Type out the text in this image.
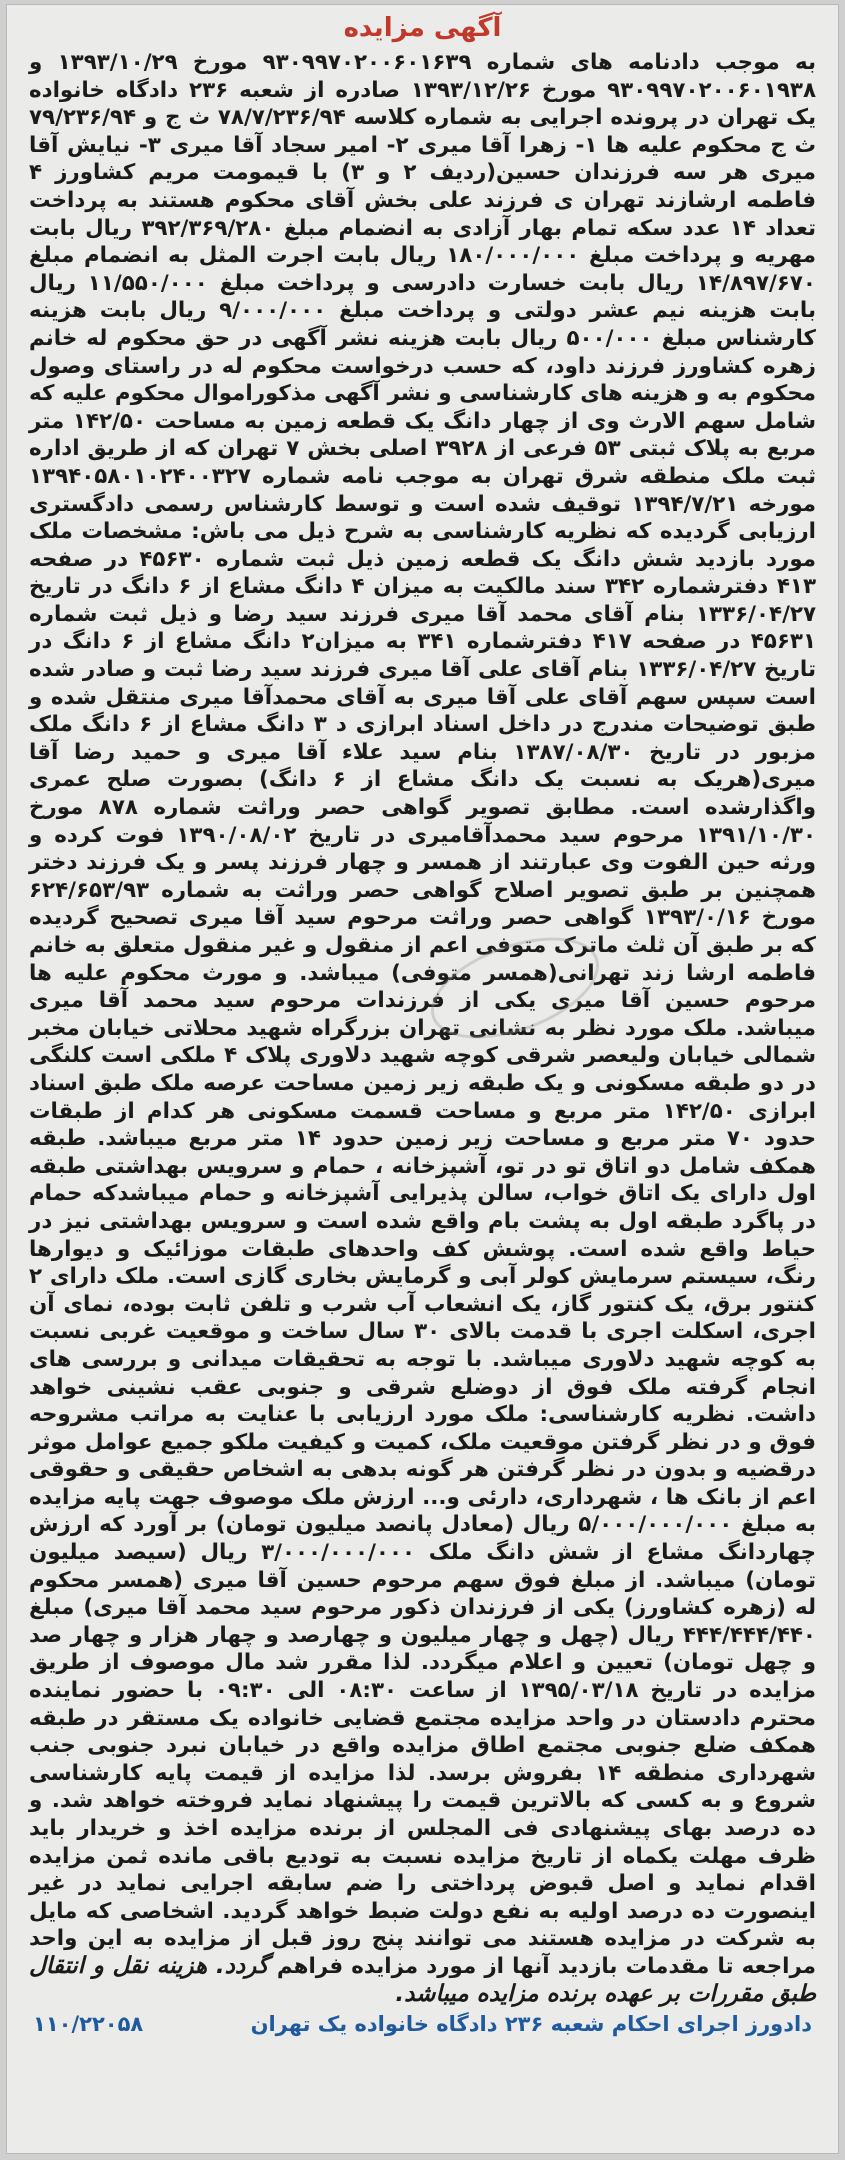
آگهی مزایده

به موجب دادنامه های شماره ۹۳۰۹۹۷۰۲۰۰۶۰۱۶۳۹ مورخ ۱۳۹۳/۱۰/۲۹ و ۹۳۰۹۹۷۰۲۰۰۶۰۱۹۳۸ مورخ ۱۳۹۳/۱۲/۲۶ صادره از شعبه ۲۳۶ دادگاه خانواده یک تهران در پرونده اجرایی به شماره کلاسه ۷۸/۷/۲۳۶/۹۴ ث ج و ۷۹/۲۳۶/۹۴ ث ج محکوم علیه ها ۱- زهرا آقا میری ۲- امیر سجاد آقا میری ۳- نیایش آقا میری هر سه فرزندان حسین(ردیف ۲ و ۳) با قیمومت مریم کشاورز ۴ فاطمه ارشازند تهران ی فرزند علی بخش آقای محکوم هستند به پرداخت تعداد ۱۴ عدد سکه تمام بهار آزادی به انضمام مبلغ ۳۹۲/۳۶۹/۲۸۰ ریال بابت مهریه و پرداخت مبلغ ۱۸۰/۰۰۰/۰۰۰ ریال بابت اجرت المثل به انضمام مبلغ ۱۴/۸۹۷/۶۷۰ ریال بابت خسارت دادرسی و پرداخت مبلغ ۱۱/۵۵۰/۰۰۰ ریال بابت هزینه نیم عشر دولتی و پرداخت مبلغ ۹/۰۰۰/۰۰۰ ریال بابت هزینه کارشناس مبلغ ۵۰۰/۰۰۰ ریال بابت هزینه نشر آگهی در حق محکوم له خانم زهره کشاورز فرزند داود، که حسب درخواست محکوم له در راستای وصول محکوم به و هزینه های کارشناسی و نشر آگهی مذکوراموال محکوم علیه که شامل سهم الارث وی از چهار دانگ یک قطعه زمین به مساحت ۱۴۲/۵۰ متر مربع به پلاک ثبتی ۵۳ فرعی از ۳۹۲۸ اصلی بخش ۷ تهران که از طریق اداره ثبت ملک منطقه شرق تهران به موجب نامه شماره ۱۳۹۴۰۵۸۰۱۰۲۴۰۰۳۲۷ مورخه ۱۳۹۴/۷/۲۱ توقیف شده است و توسط کارشناس رسمی دادگستری ارزیابی گردیده که نظریه کارشناسی به شرح ذیل می باش: مشخصات ملک مورد بازدید شش دانگ یک قطعه زمین ذیل ثبت شماره ۴۵۶۳۰ در صفحه ۴۱۳ دفترشماره ۳۴۲ سند مالکیت به میزان ۴ دانگ مشاع از ۶ دانگ در تاریخ ۱۳۳۶/۰۴/۲۷ بنام آقای محمد آقا میری فرزند سید رضا و ذیل ثبت شماره ۴۵۶۳۱ در صفحه ۴۱۷ دفترشماره ۳۴۱ به میزان۲ دانگ مشاع از ۶ دانگ در تاریخ ۱۳۳۶/۰۴/۲۷ بنام آقای علی آقا میری فرزند سید رضا ثبت و صادر شده است سپس سهم آقای علی آقا میری به آقای محمدآقا میری منتقل شده و طبق توضیحات مندرج در داخل اسناد ابرازی د ۳ دانگ مشاع از ۶ دانگ ملک مزبور در تاریخ ۱۳۸۷/۰۸/۳۰ بنام سید علاء آقا میری و حمید رضا آقا میری(هریک به نسبت یک دانگ مشاع از ۶ دانگ) بصورت صلح عمری واگذارشده است. مطابق تصویر گواهی حصر وراثت شماره ۸۷۸ مورخ ۱۳۹۱/۱۰/۳۰ مرحوم سید محمدآقامیری در تاریخ ۱۳۹۰/۰۸/۰۲ فوت کرده و ورثه حین الفوت وی عبارتند از همسر و چهار فرزند پسر و یک فرزند دختر همچنین بر طبق تصویر اصلاح گواهی حصر وراثت به شماره ۶۲۴/۶۵۳/۹۳ مورخ ۱۳۹۳/۰/۱۶ گواهی حصر وراثت مرحوم سید آقا میری تصحیح گردیده که بر طبق آن ثلث ماترک متوفی اعم از منقول و غیر منقول متعلق به خانم فاطمه ارشا زند تهرانی(همسر متوفی) میباشد. و مورث محکوم علیه ها مرحوم حسین آقا میری یکی از فرزندات مرحوم سید محمد آقا میری میباشد. ملک مورد نظر به نشانی تهران بزرگراه شهید محلاتی خیابان مخبر شمالی خیابان ولیعصر شرقی کوچه شهید دلاوری پلاک ۴ ملکی است کلنگی در دو طبقه مسکونی و یک طبقه زیر زمین مساحت عرصه ملک طبق اسناد ابرازی ۱۴۲/۵۰ متر مربع و مساحت قسمت مسکونی هر کدام از طبقات حدود ۷۰ متر مربع و مساحت زیر زمین حدود ۱۴ متر مربع میباشد. طبقه همکف شامل دو اتاق تو در تو، آشپزخانه ، حمام و سرویس بهداشتی طبقه اول دارای یک اتاق خواب، سالن پذیرایی آشپزخانه و حمام میباشدکه حمام در پاگرد طبقه اول به پشت بام واقع شده است و سرویس بهداشتی نیز در حیاط واقع شده است. پوشش کف واحدهای طبقات موزائیک و دیوارها رنگ، سیستم سرمایش کولر آبی و گرمایش بخاری گازی است. ملک دارای ۲ کنتور برق، یک کنتور گاز، یک انشعاب آب شرب و تلفن ثابت بوده، نمای آن اجری، اسکلت اجری با قدمت بالای ۳۰ سال ساخت و موقعیت غربی نسبت به کوچه شهید دلاوری میباشد. با توجه به تحقیقات میدانی و بررسی های انجام گرفته ملک فوق از دوضلع شرقی و جنوبی عقب نشینی خواهد داشت. نظریه کارشناسی: ملک مورد ارزیابی با عنایت به مراتب مشروحه فوق و در نظر گرفتن موقعیت ملک، کمیت و کیفیت ملکو جمیع عوامل موثر درقضیه و بدون در نظر گرفتن هر گونه بدهی به اشخاص حقیقی و حقوقی اعم از بانک ها ، شهرداری، دارئی و... ارزش ملک موصوف جهت پایه مزایده به مبلغ ۵/۰۰۰/۰۰۰/۰۰۰ ریال (معادل پانصد میلیون تومان) بر آورد که ارزش چهاردانگ مشاع از شش دانگ ملک ۳/۰۰۰/۰۰۰/۰۰۰ ریال (سیصد میلیون تومان) میباشد. از مبلغ فوق سهم مرحوم حسین آقا میری (همسر محکوم له (زهره کشاورز) یکی از فرزندان ذکور مرحوم سید محمد آقا میری) مبلغ ۴۴۴/۴۴۴/۴۴۰ ریال (چهل و چهار میلیون و چهارصد و چهار هزار و چهار صد و چهل تومان) تعیین و اعلام میگردد. لذا مقرر شد مال موصوف از طریق مزایده در تاریخ ۱۳۹۵/۰۳/۱۸ از ساعت ۰۸:۳۰ الی ۰۹:۳۰ با حضور نماینده محترم دادستان در واحد مزایده مجتمع قضایی خانواده یک مستقر در طبقه همکف ضلع جنوبی مجتمع اطاق مزایده واقع در خیابان نبرد جنوبی جنب شهرداری منطقه ۱۴ بفروش برسد. لذا مزایده از قیمت پایه کارشناسی شروع و به کسی که بالاترین قیمت را پیشنهاد نماید فروخته خواهد شد. و ده درصد بهای پیشنهادی فی المجلس از برنده مزایده اخذ و خریدار باید ظرف مهلت یکماه از تاریخ مزایده نسبت به تودیع باقی مانده ثمن مزایده اقدام نماید و اصل قبوض پرداختی را ضم سابقه اجرایی نماید در غیر اینصورت ده درصد اولیه به نفع دولت ضبط خواهد گردید. اشخاصی که مایل به شرکت در مزایده هستند می توانند پنج روز قبل از مزایده به این واحد مراجعه تا مقدمات بازدید آنها از مورد مزایده فراهم گردد. هزینه نقل و انتقال طبق مقررات بر عهده برنده مزایده میباشد.

دادورز اجرای احکام شعبه ۲۳۶ دادگاه خانواده یک تهران
۱۱۰/۲۲۰۵۸
